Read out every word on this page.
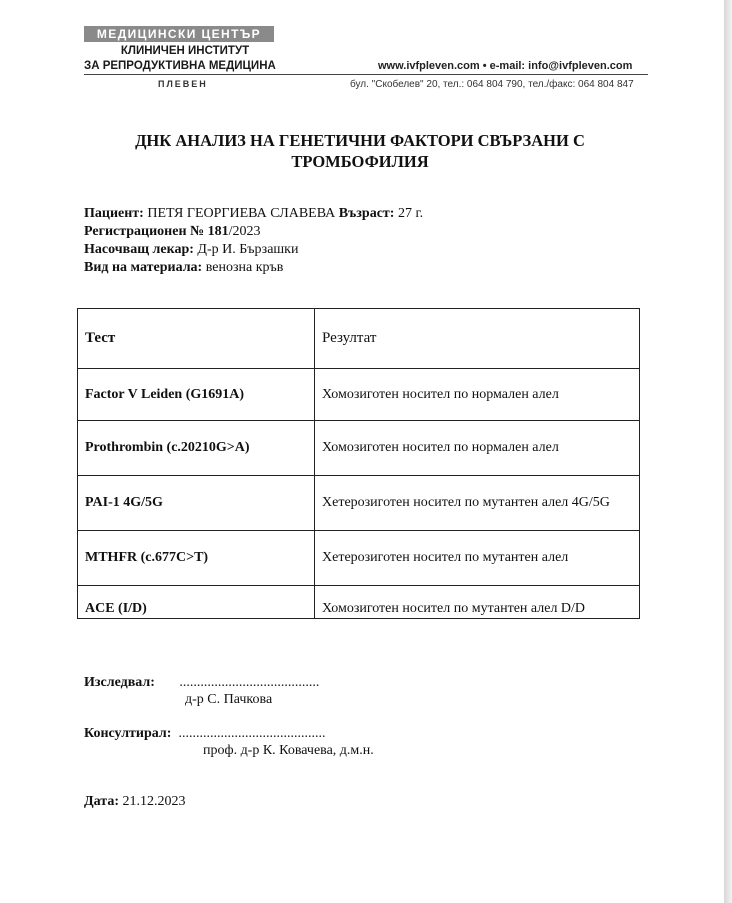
МЕДИЦИНСКИ ЦЕНТЪР
КЛИНИЧЕН ИНСТИТУТ
ЗА РЕПРОДУКТИВНА МЕДИЦИНА	www.ivfpleven.com • e-mail: info@ivfpleven.com
ПЛЕВЕН	бул. "Скобелев" 20, тел.: 064 804 790, тел./факс: 064 804 847
ДНК АНАЛИЗ НА ГЕНЕТИЧНИ ФАКТОРИ СВЪРЗАНИ С
ТРОМБОФИЛИЯ
Пациент: ПЕТЯ ГЕОРГИЕВА СЛАВЕВА Възраст: 27 г.
Регистрационен № 181/2023
Насочващ лекар: Д-р И. Бързашки
Вид на материала: венозна кръв
Тест	Резултат
Factor V Leiden (G1691A)	Хомозиготен носител по нормален алел
Prothrombin (c.20210G>A)	Хомозиготен носител по нормален алел
PAI-1 4G/5G	Хетерозиготен носител по мутантен алел 4G/5G
MTHFR (c.677C>T)	Хетерозиготен носител по мутантен алел
ACE (I/D)	Хомозиготен носител по мутантен алел D/D
Изследвал: ........................................
д-р С. Пачкова
Консултирал: ..........................................
проф. д-р К. Ковачева, д.м.н.
Дата: 21.12.2023
